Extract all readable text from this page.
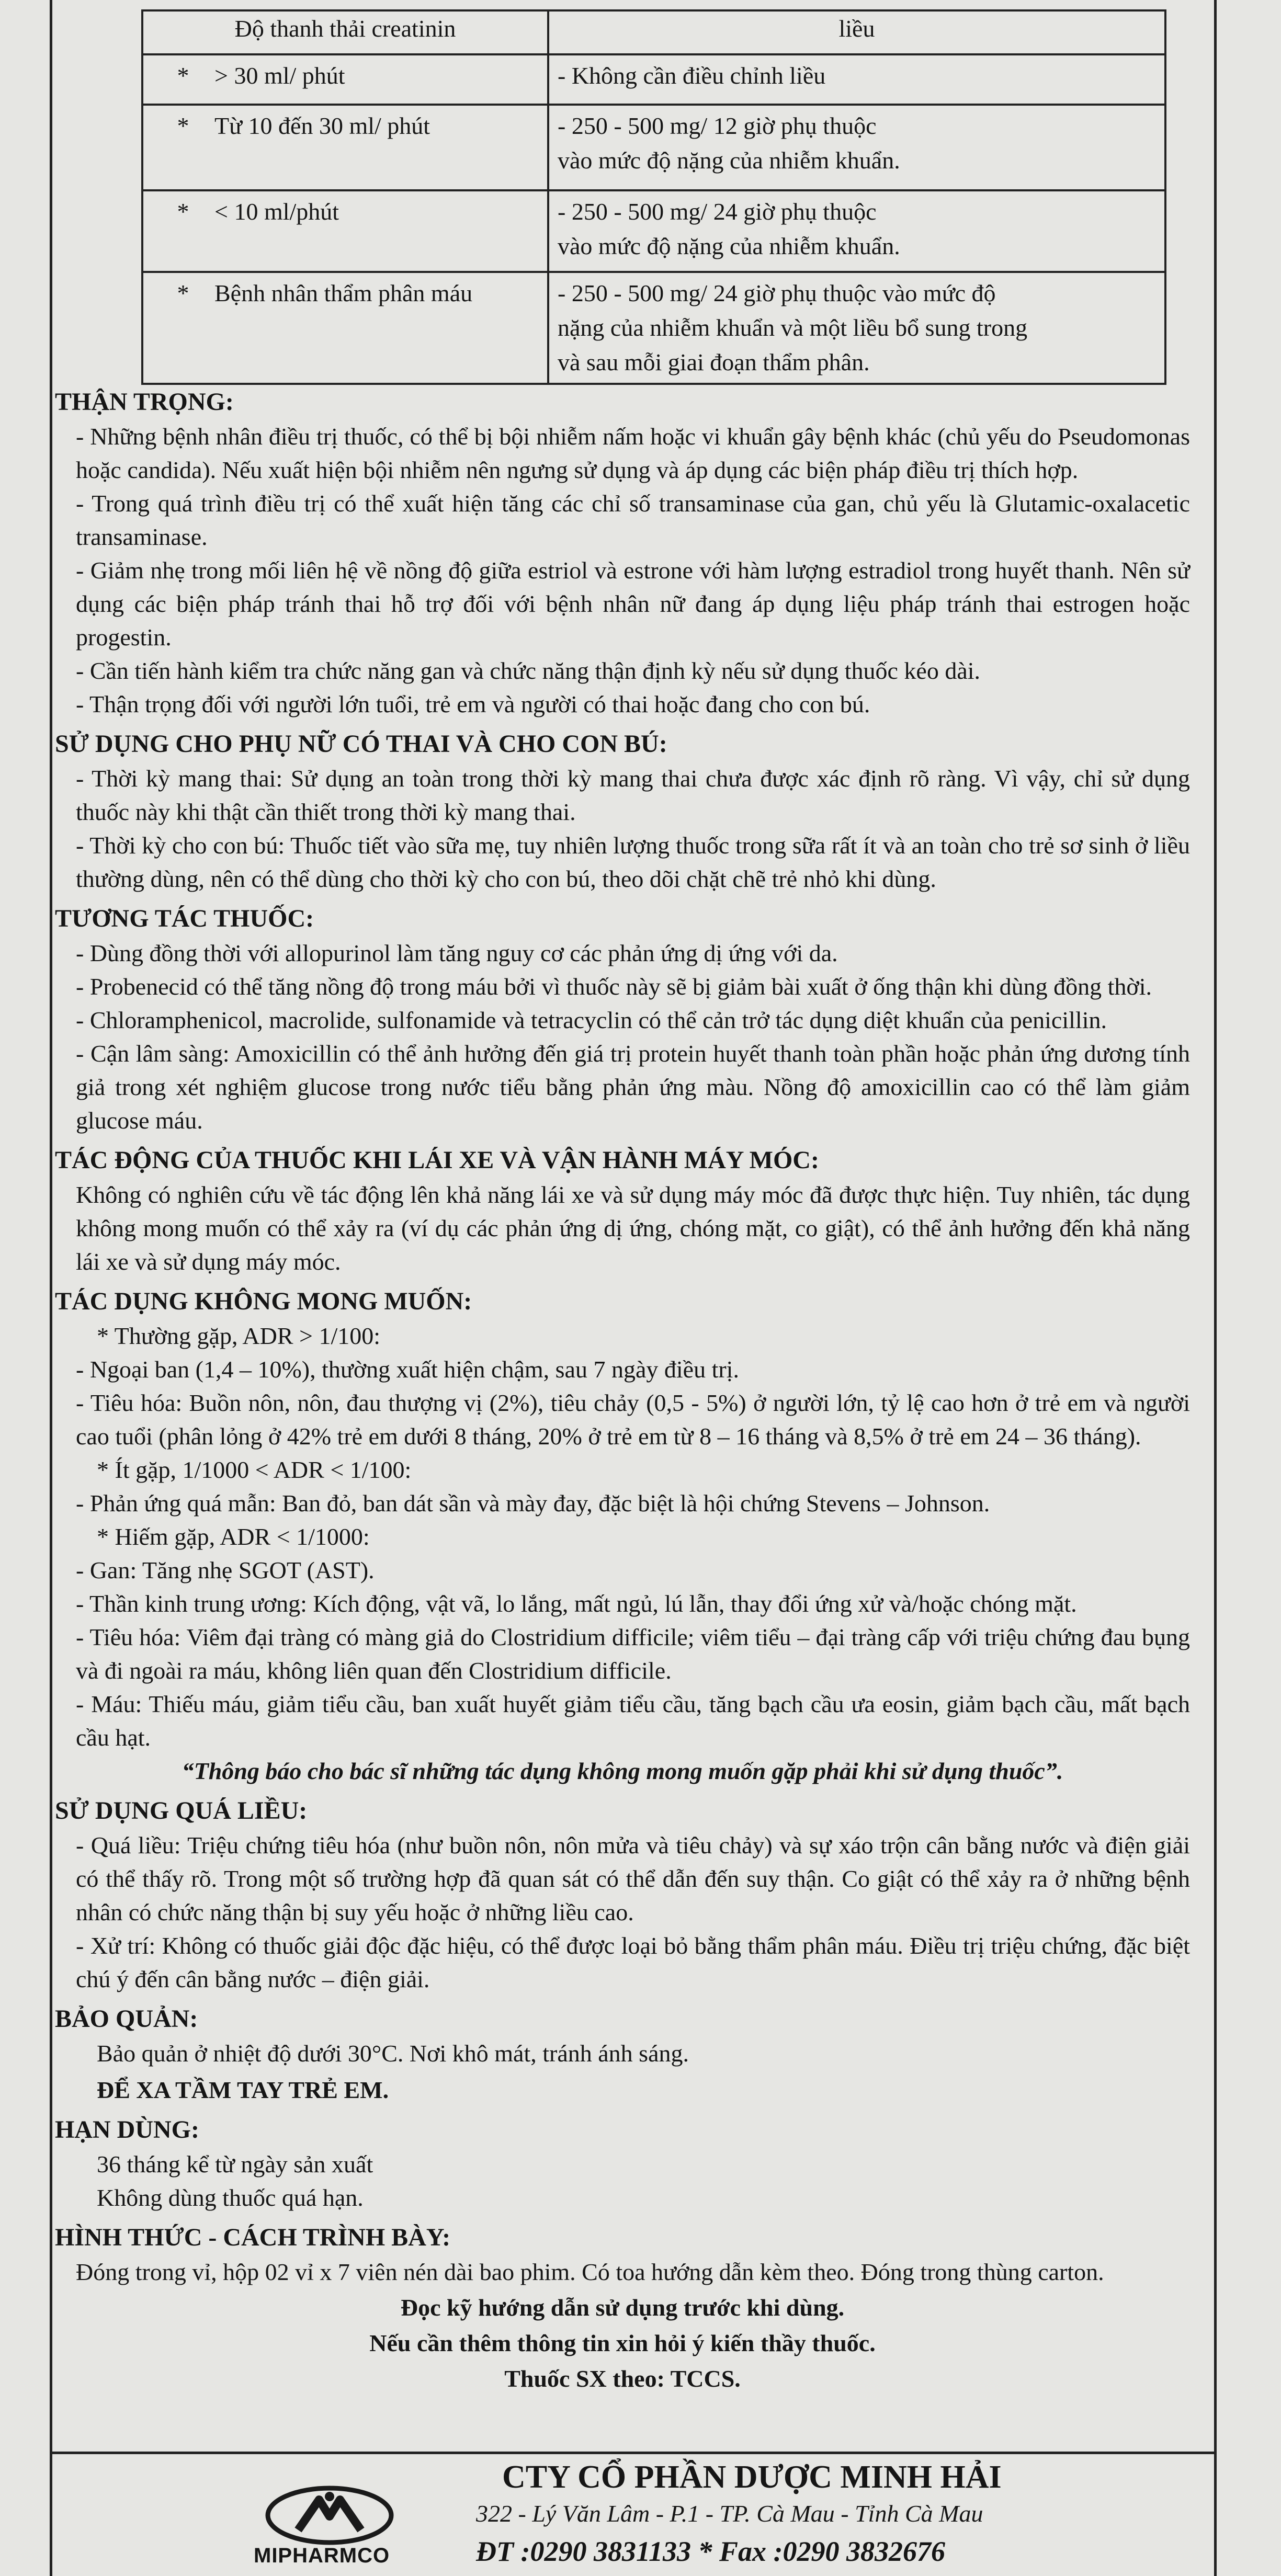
Độ thanh thải creatinin	liều
* > 30 ml/ phút	- Không cần điều chỉnh liều

* Từ 10 đến 30 ml/ phút	- 250 - 500 mg/ 12 giờ phụ thuộc
vào mức độ nặng của nhiễm khuẩn.

* < 10 ml/phút	- 250 - 500 mg/ 24 giờ phụ thuộc
vào mức độ nặng của nhiễm khuẩn.

* Bệnh nhân thẩm phân máu	- 250 - 500 mg/ 24 giờ phụ thuộc vào mức độ
nặng của nhiễm khuẩn và một liều bổ sung trong
và sau mỗi giai đoạn thẩm phân.
THẬN TRỌNG:

- Những bệnh nhân điều trị thuốc, có thể bị bội nhiễm nấm hoặc vi khuẩn gây bệnh khác (chủ yếu do Pseudomonas hoặc candida). Nếu xuất hiện bội nhiễm nên ngưng sử dụng và áp dụng các biện pháp điều trị thích hợp.

- Trong quá trình điều trị có thể xuất hiện tăng các chỉ số transaminase của gan, chủ yếu là Glutamic-oxalacetic transaminase.

- Giảm nhẹ trong mối liên hệ về nồng độ giữa estriol và estrone với hàm lượng estradiol trong huyết thanh. Nên sử dụng các biện pháp tránh thai hỗ trợ đối với bệnh nhân nữ đang áp dụng liệu pháp tránh thai estrogen hoặc progestin.

- Cần tiến hành kiểm tra chức năng gan và chức năng thận định kỳ nếu sử dụng thuốc kéo dài.

- Thận trọng đối với người lớn tuổi, trẻ em và người có thai hoặc đang cho con bú.

SỬ DỤNG CHO PHỤ NỮ CÓ THAI VÀ CHO CON BÚ:

- Thời kỳ mang thai: Sử dụng an toàn trong thời kỳ mang thai chưa được xác định rõ ràng. Vì vậy, chỉ sử dụng thuốc này khi thật cần thiết trong thời kỳ mang thai.

- Thời kỳ cho con bú: Thuốc tiết vào sữa mẹ, tuy nhiên lượng thuốc trong sữa rất ít và an toàn cho trẻ sơ sinh ở liều thường dùng, nên có thể dùng cho thời kỳ cho con bú, theo dõi chặt chẽ trẻ nhỏ khi dùng.

TƯƠNG TÁC THUỐC:

- Dùng đồng thời với allopurinol làm tăng nguy cơ các phản ứng dị ứng với da.

- Probenecid có thể tăng nồng độ trong máu bởi vì thuốc này sẽ bị giảm bài xuất ở ống thận khi dùng đồng thời.

- Chloramphenicol, macrolide, sulfonamide và tetracyclin có thể cản trở tác dụng diệt khuẩn của penicillin.

- Cận lâm sàng: Amoxicillin có thể ảnh hưởng đến giá trị protein huyết thanh toàn phần hoặc phản ứng dương tính giả trong xét nghiệm glucose trong nước tiểu bằng phản ứng màu. Nồng độ amoxicillin cao có thể làm giảm glucose máu.

TÁC ĐỘNG CỦA THUỐC KHI LÁI XE VÀ VẬN HÀNH MÁY MÓC:

Không có nghiên cứu về tác động lên khả năng lái xe và sử dụng máy móc đã được thực hiện. Tuy nhiên, tác dụng không mong muốn có thể xảy ra (ví dụ các phản ứng dị ứng, chóng mặt, co giật), có thể ảnh hưởng đến khả năng lái xe và sử dụng máy móc.

TÁC DỤNG KHÔNG MONG MUỐN:

* Thường gặp, ADR > 1/100:

- Ngoại ban (1,4 – 10%), thường xuất hiện chậm, sau 7 ngày điều trị.

- Tiêu hóa: Buồn nôn, nôn, đau thượng vị (2%), tiêu chảy (0,5 - 5%) ở người lớn, tỷ lệ cao hơn ở trẻ em và người cao tuổi (phân lỏng ở 42% trẻ em dưới 8 tháng, 20% ở trẻ em từ 8 – 16 tháng và 8,5% ở trẻ em 24 – 36 tháng).

* Ít gặp, 1/1000 < ADR < 1/100:

- Phản ứng quá mẫn: Ban đỏ, ban dát sần và mày đay, đặc biệt là hội chứng Stevens – Johnson.

* Hiếm gặp, ADR < 1/1000:

- Gan: Tăng nhẹ SGOT (AST).

- Thần kinh trung ương: Kích động, vật vã, lo lắng, mất ngủ, lú lẫn, thay đổi ứng xử và/hoặc chóng mặt.

- Tiêu hóa: Viêm đại tràng có màng giả do Clostridium difficile; viêm tiểu – đại tràng cấp với triệu chứng đau bụng và đi ngoài ra máu, không liên quan đến Clostridium difficile.

- Máu: Thiếu máu, giảm tiểu cầu, ban xuất huyết giảm tiểu cầu, tăng bạch cầu ưa eosin, giảm bạch cầu, mất bạch cầu hạt.

“Thông báo cho bác sĩ những tác dụng không mong muốn gặp phải khi sử dụng thuốc”.

SỬ DỤNG QUÁ LIỀU:

- Quá liều: Triệu chứng tiêu hóa (như buồn nôn, nôn mửa và tiêu chảy) và sự xáo trộn cân bằng nước và điện giải có thể thấy rõ. Trong một số trường hợp đã quan sát có thể dẫn đến suy thận. Co giật có thể xảy ra ở những bệnh nhân có chức năng thận bị suy yếu hoặc ở những liều cao.

- Xử trí: Không có thuốc giải độc đặc hiệu, có thể được loại bỏ bằng thẩm phân máu. Điều trị triệu chứng, đặc biệt chú ý đến cân bằng nước – điện giải.

BẢO QUẢN:

Bảo quản ở nhiệt độ dưới 30°C. Nơi khô mát, tránh ánh sáng.

ĐỂ XA TẦM TAY TRẺ EM.

HẠN DÙNG:

36 tháng kể từ ngày sản xuất

Không dùng thuốc quá hạn.

HÌNH THỨC - CÁCH TRÌNH BÀY:

Đóng trong vỉ, hộp 02 vỉ x 7 viên nén dài bao phim. Có toa hướng dẫn kèm theo. Đóng trong thùng carton.

Đọc kỹ hướng dẫn sử dụng trước khi dùng.

Nếu cần thêm thông tin xin hỏi ý kiến thầy thuốc.

Thuốc SX theo: TCCS.

MIPHARMCO
CTY CỔ PHẦN DƯỢC MINH HẢI
322 - Lý Văn Lâm - P.1 - TP. Cà Mau - Tỉnh Cà Mau
ĐT :0290 3831133 * Fax :0290 3832676
